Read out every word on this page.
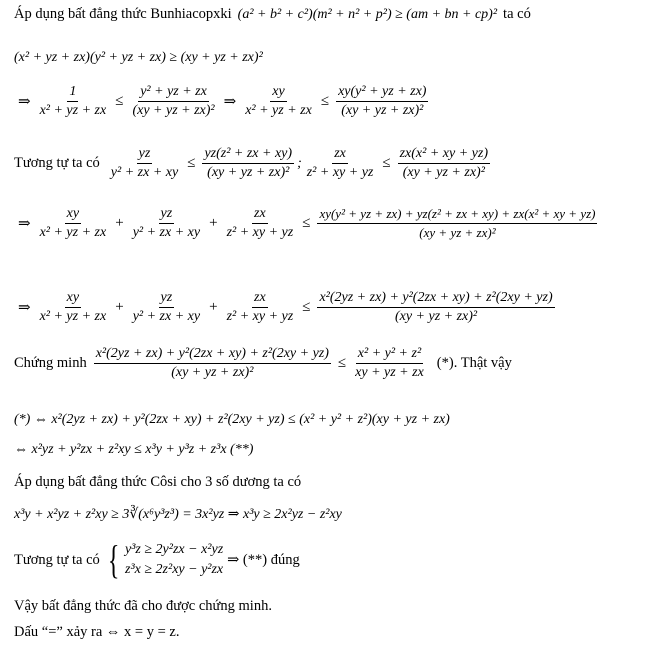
Áp dụng bất đẳng thức Bunhiacopxki (a² + b² + c²)(m² + n² + p²) ≥ (am + bn + cp)² ta có
(x² + yz + zx)(y² + yz + zx) ≥ (xy + yz + zx)²
⇒ $\frac{1}{\text{x² + yz + zx}} \le \frac{\text{y² + yz + zx}}{\text{(xy + yz + zx)²}}$ ⇒ $\frac{xy}{\text{x² + yz + zx}} \le \frac{\text{xy(y² + yz + zx)}}{\text{(xy + yz + zx)²}}$
Tương tự ta có $\frac{yz}{\text{y² + zx + xy}} \le \frac{\text{yz(z² + zx + xy)}}{\text{(xy + yz + zx)²}}$ ; $\frac{zx}{\text{z² + xy + yz}} \le \frac{\text{zx(x² + xy + yz)}}{\text{(xy + yz + zx)²}}$
⇒ $\frac{xy}{\text{x² + yz + zx}} + \frac{yz}{\text{y² + zx + xy}} + \frac{zx}{\text{z² + xy + yz}} \le \frac{\text{xy(y² + yz + zx) + yz(z² + zx + xy) + zx(x² + xy + yz)}}{\text{(xy + yz + zx)²}}$
⇒ $\frac{xy}{\text{x² + yz + zx}} + \frac{yz}{\text{y² + zx + xy}} + \frac{zx}{\text{z² + xy + yz}} \le \frac{\text{x²(2yz + zx) + y²(2zx + xy) + z²(2xy + yz)}}{\text{(xy + yz + zx)²}}$
Chứng minh $\frac{\text{x²(2yz + zx) + y²(2zx + xy) + z²(2xy + yz)}}{\text{(xy + yz + zx)²}} \le \frac{\text{x² + y² + z²}}{xy + yz + zx}$ (*) . Thật vậy
(*) ⇔ x²(2yz + zx) + y²(2zx + xy) + z²(2xy + yz) ≤ (x² + y² + z²)(xy + yz + zx)
⇔ x²yz + y²zx + z²xy ≤ x³y + y³z + z³x (**)
Áp dụng bất đẳng thức Côsi cho 3 số dương ta có
x³y + x²yz + z²xy ≥ 3∛(x⁶y³z³) = 3x²yz ⇒ x³y ≥ 2x²yz − z²xy
Tương tự ta có { y³z ≥ 2y²zx − x²yz
z³x ≥ 2z²xy − y²zx
⇒ (**) đúng
Vậy bất đẳng thức đã cho được chứng minh.
Dấu “=” xảy ra ⇔ x = y = z.
